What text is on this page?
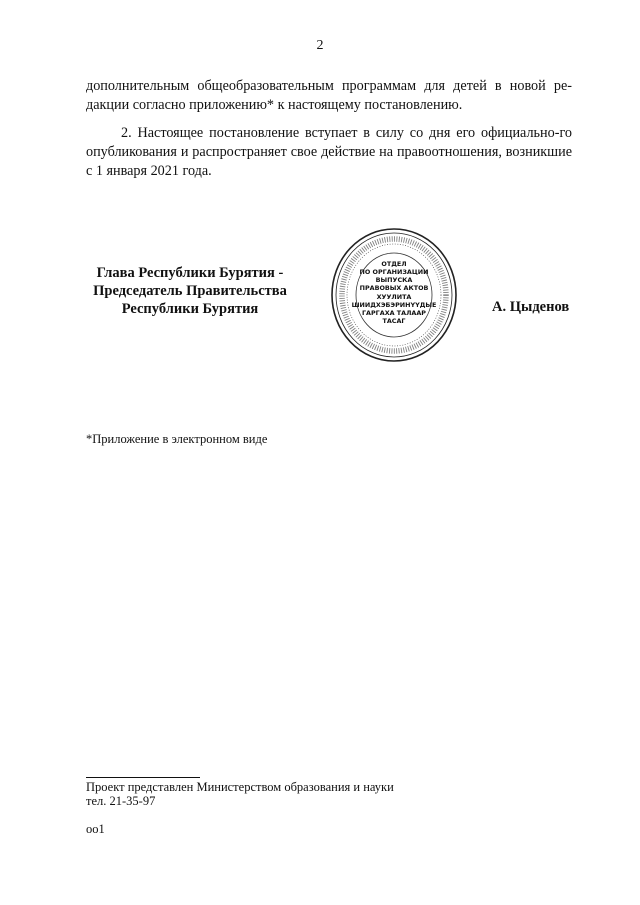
2
дополнительным общеобразовательным программам для детей в новой ре-дакции согласно приложению* к настоящему постановлению.
2. Настоящее постановление вступает в силу со дня его официально-го опубликования и распространяет свое действие на правоотношения, возникшие с 1 января 2021 года.
Глава Республики Бурятия -
Председатель Правительства
Республики Бурятия
ОТДЕЛ
ПО ОРГАНИЗАЦИИ
ВЫПУСКА
ПРАВОВЫХ АКТОВ
ХУУЛИТА
ШИИДХЭБЭРИНҮҮДЫЕ
ГАРГАХА ТАЛААР
ТАСАГ
А. Цыденов
*Приложение в электронном виде
Проект представлен Министерством образования и науки
тел. 21-35-97
оо1
